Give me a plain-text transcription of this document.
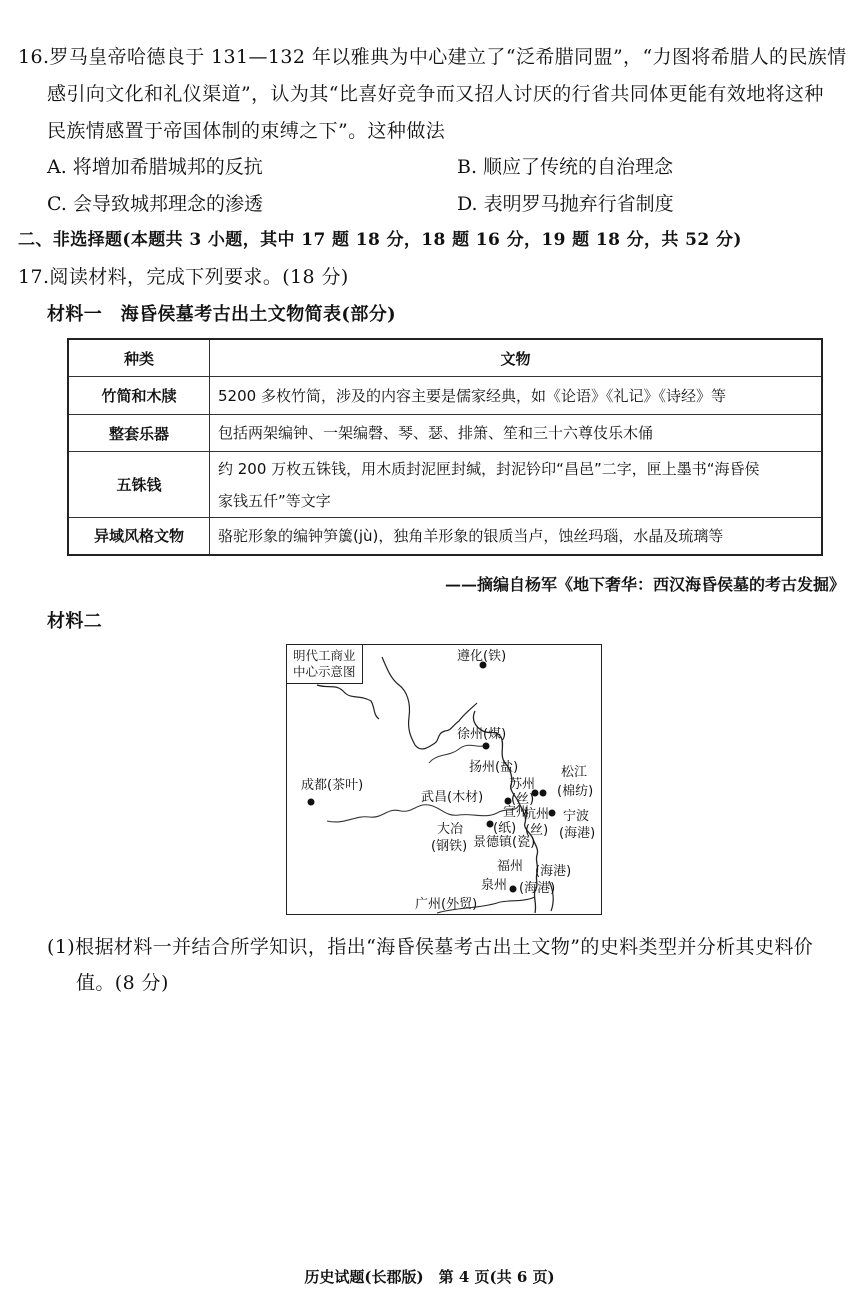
16.罗马皇帝哈德良于 131—132 年以雅典为中心建立了“泛希腊同盟”，“力图将希腊人的民族情
感引向文化和礼仪渠道”，认为其“比喜好竞争而又招人讨厌的行省共同体更能有效地将这种
民族情感置于帝国体制的束缚之下”。这种做法
A. 将增加希腊城邦的反抗	B. 顺应了传统的自治理念
C. 会导致城邦理念的渗透	D. 表明罗马抛弃行省制度
二、非选择题(本题共 3 小题，其中 17 题 18 分，18 题 16 分，19 题 18 分，共 52 分)
17.阅读材料，完成下列要求。(18 分)
材料一　海昏侯墓考古出土文物简表(部分)
种类	文物
竹简和木牍	5200 多枚竹简，涉及的内容主要是儒家经典，如《论语》《礼记》《诗经》等
整套乐器	包括两架编钟、一架编磬、琴、瑟、排箫、笙和三十六尊伎乐木俑
五铢钱	约 200 万枚五铢钱，用木质封泥匣封缄，封泥钤印“昌邑”二字，匣上墨书“海昏侯
家钱五仟”等文字

异域风格文物	骆驼形象的编钟笋簴(jù)，独角羊形象的银质当卢，蚀丝玛瑙，水晶及琉璃等
——摘编自杨军《地下奢华：西汉海昏侯墓的考古发掘》
材料二
明代工商业
中心示意图
遵化(铁)
徐州(煤)
扬州(盐)	松江
(棉纺)
苏州
(丝)
成都(茶叶)
武昌(木材)
宣州
(纸)
杭州
(丝)
宁波
(海港)
大冶
(钢铁) 景德镇(瓷)
福州 (海港)
泉州 (海港)
广州(外贸)
(1)根据材料一并结合所学知识，指出“海昏侯墓考古出土文物”的史料类型并分析其史料价
值。(8 分)
历史试题(长郡版)　第 4 页(共 6 页)
